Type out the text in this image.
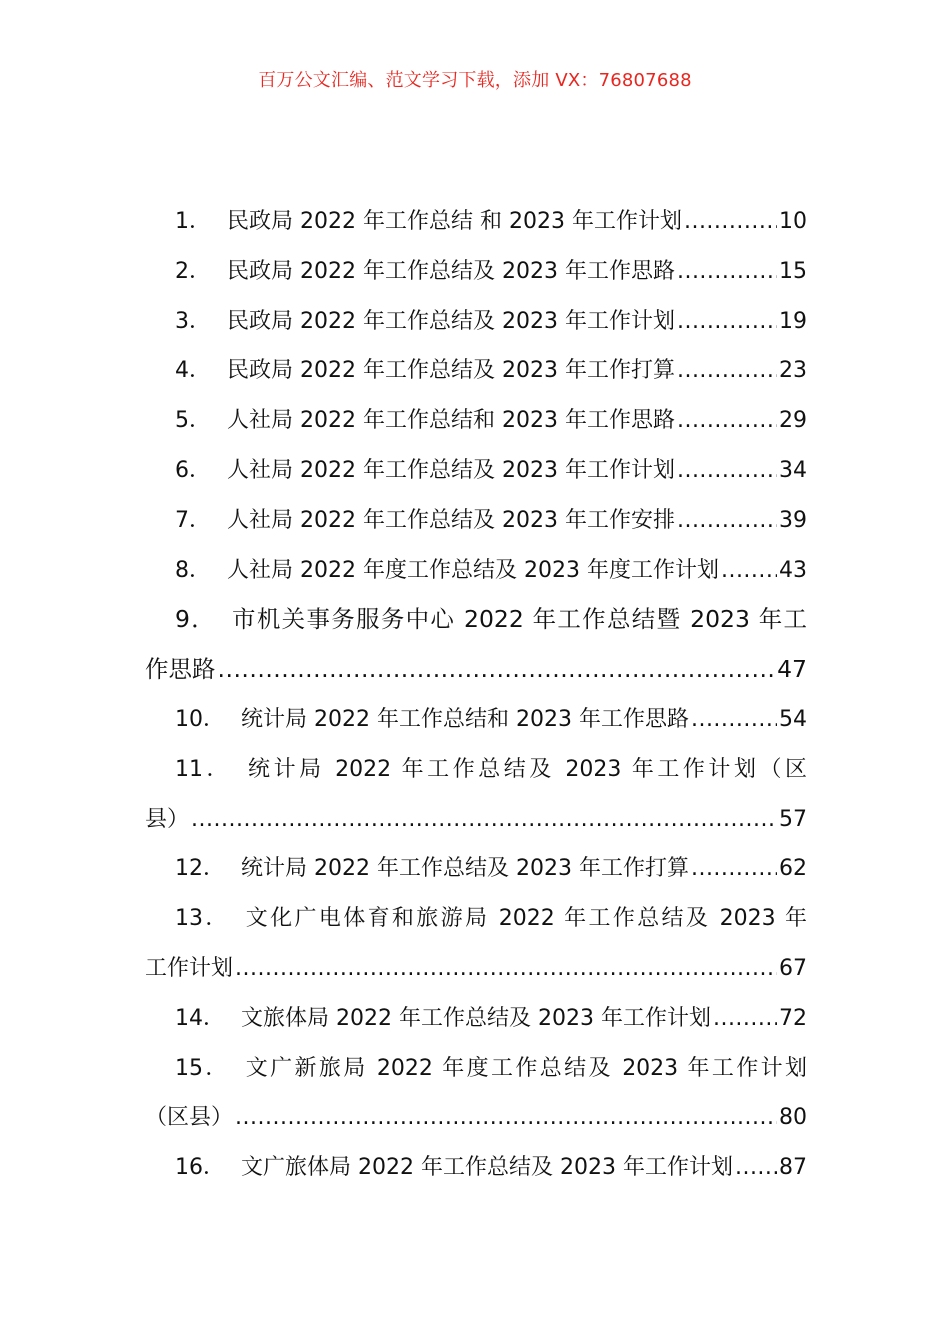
百万公文汇编、范文学习下载，添加 VX：76807688
1． 民政局 2022 年工作总结 和 2023 年工作计划 .....	10
2． 民政局 2022 年工作总结及 2023 年工作思路 .....	15
3． 民政局 2022 年工作总结及 2023 年工作计划 .....	19
4． 民政局 2022 年工作总结及 2023 年工作打算 .....	23
5． 人社局 2022 年工作总结和 2023 年工作思路 .....	29
6． 人社局 2022 年工作总结及 2023 年工作计划 .....	34
7． 人社局 2022 年工作总结及 2023 年工作安排 .....	39
8． 人社局 2022 年度工作总结及 2023 年度工作计划 .....	43
9． 市机关事务服务中心 2022 年工作总结暨 2023 年工
作思路 .....	47
10． 统计局 2022 年工作总结和 2023 年工作思路 .....	54
11． 统计局 2022 年工作总结及 2023 年工作计划（区
县） .....	57
12． 统计局 2022 年工作总结及 2023 年工作打算 .....	62
13． 文化广电体育和旅游局 2022 年工作总结及 2023 年
工作计划 .....	67
14． 文旅体局 2022 年工作总结及 2023 年工作计划 .....	72
15． 文广新旅局 2022 年度工作总结及 2023 年工作计划
（区县） .....	80
16． 文广旅体局 2022 年工作总结及 2023 年工作计划 ..... 87
